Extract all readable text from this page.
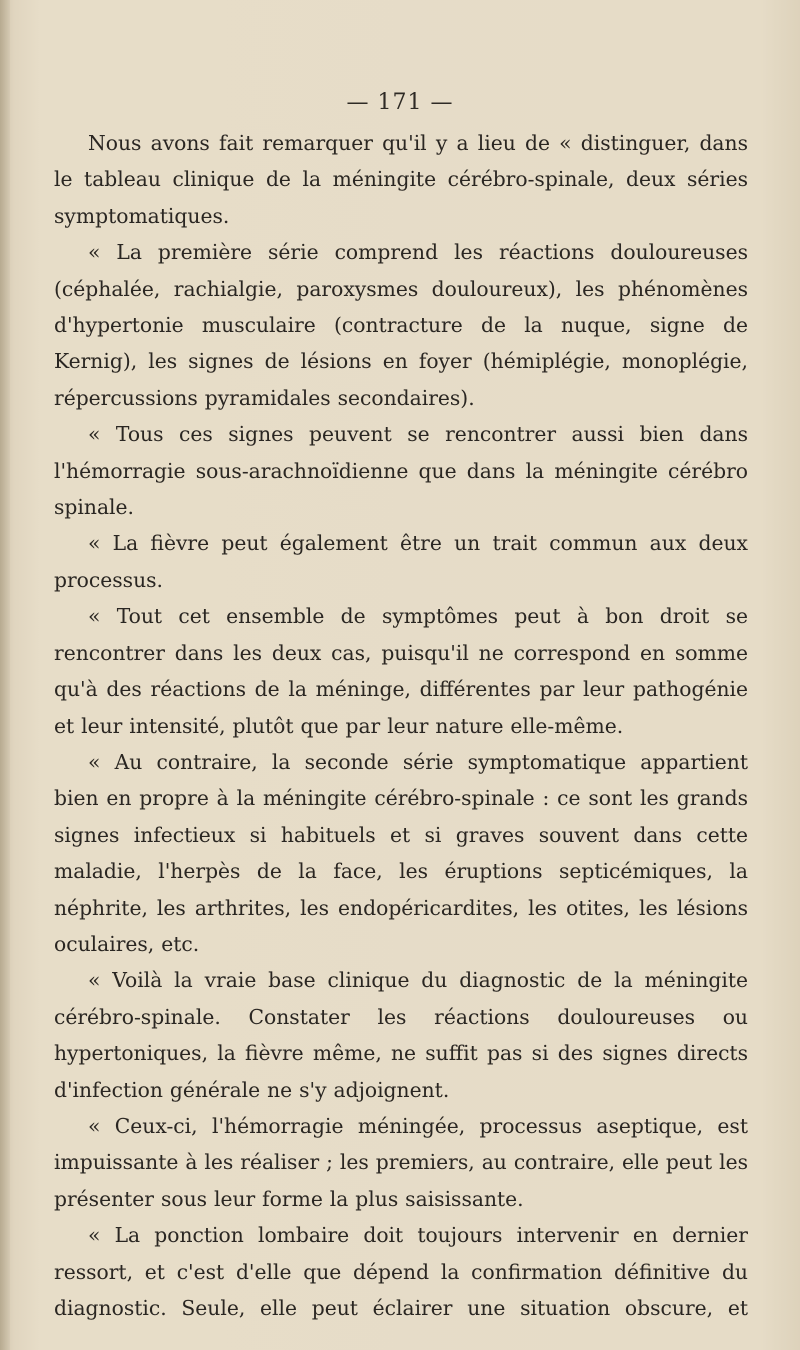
— 171 —

Nous avons fait remarquer qu'il y a lieu de « distinguer, dans le tableau clinique de la méningite cérébro-spinale, deux séries symptomatiques.

« La première série comprend les réactions douloureuses (céphalée, rachialgie, paroxysmes douloureux), les phénomènes d'hypertonie musculaire (contracture de la nuque, signe de Kernig), les signes de lésions en foyer (hémiplégie, monoplégie, répercussions pyramidales secondaires).

« Tous ces signes peuvent se rencontrer aussi bien dans l'hémorragie sous-arachnoïdienne que dans la méningite cérébro spinale.

« La fièvre peut également être un trait commun aux deux processus.

« Tout cet ensemble de symptômes peut à bon droit se rencontrer dans les deux cas, puisqu'il ne correspond en somme qu'à des réactions de la méninge, différentes par leur pathogénie et leur intensité, plutôt que par leur nature elle-même.

« Au contraire, la seconde série symptomatique appartient bien en propre à la méningite cérébro-spinale : ce sont les grands signes infectieux si habituels et si graves souvent dans cette maladie, l'herpès de la face, les éruptions septicémiques, la néphrite, les arthrites, les endopéricardites, les otites, les lésions oculaires, etc.

« Voilà la vraie base clinique du diagnostic de la méningite cérébro-spinale. Constater les réactions douloureuses ou hypertoniques, la fièvre même, ne suffit pas si des signes directs d'infection générale ne s'y adjoignent.

« Ceux-ci, l'hémorragie méningée, processus aseptique, est impuissante à les réaliser ; les premiers, au contraire, elle peut les présenter sous leur forme la plus saisissante.

« La ponction lombaire doit toujours intervenir en dernier ressort, et c'est d'elle que dépend la confirmation définitive du diagnostic. Seule, elle peut éclairer une situation obscure, et
